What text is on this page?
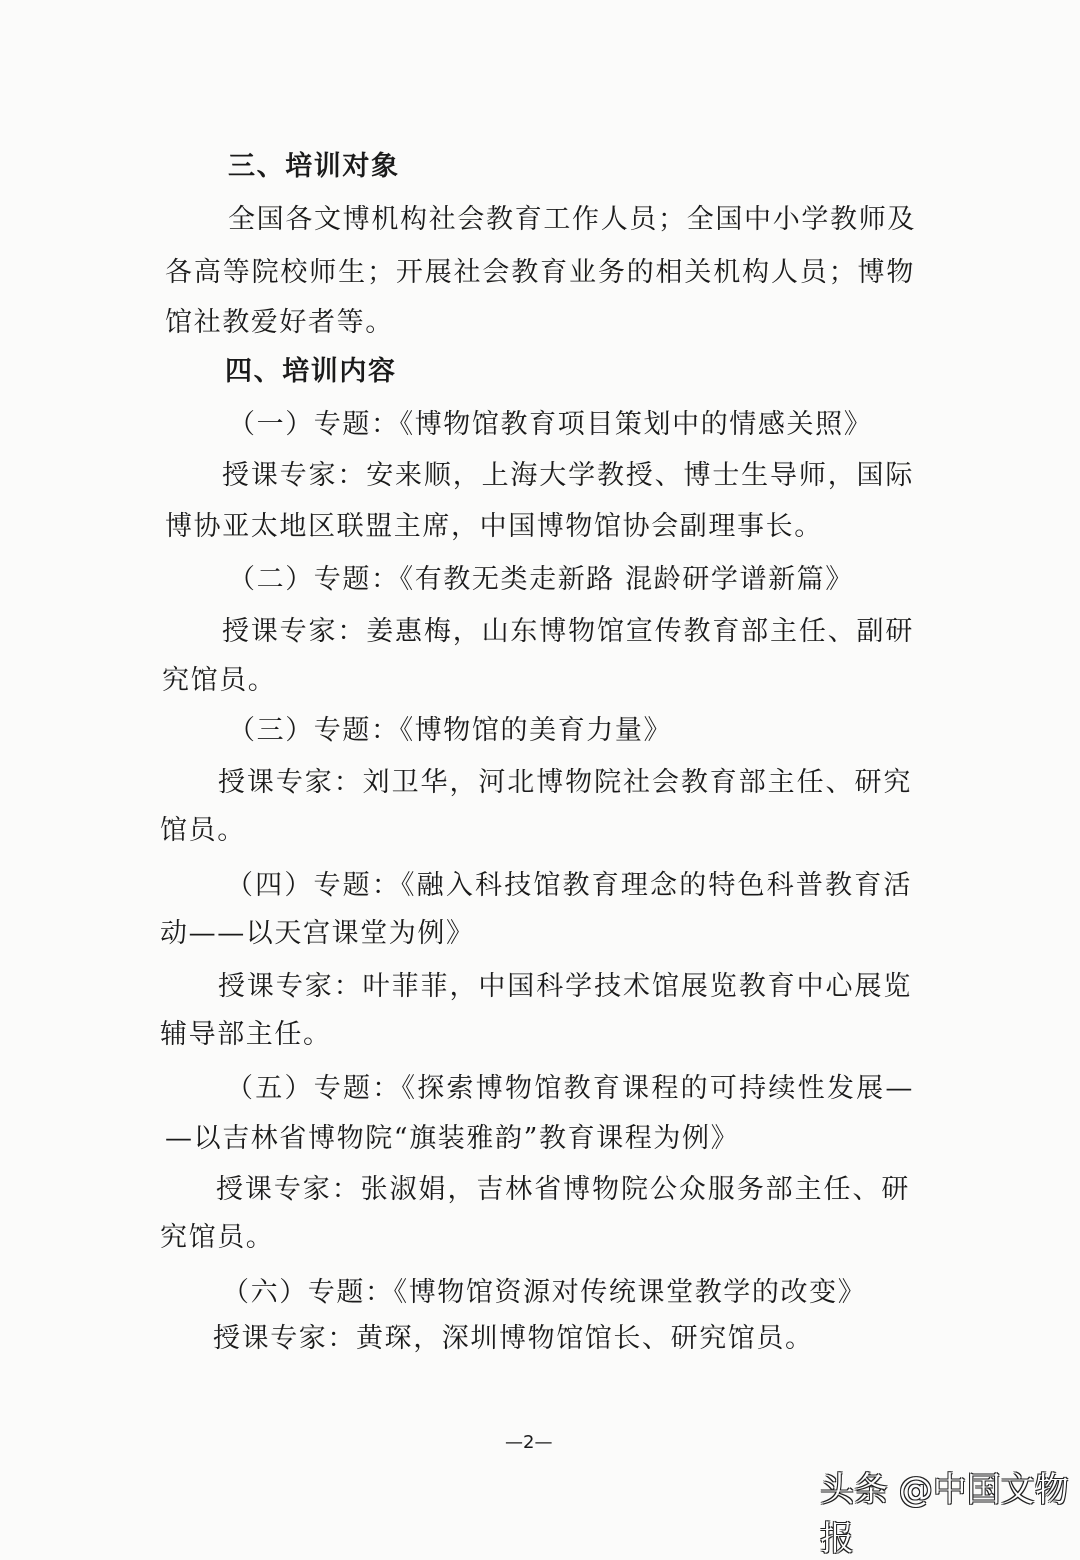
三、培训对象
全国各文博机构社会教育工作人员；全国中小学教师及
各高等院校师生；开展社会教育业务的相关机构人员；博物
馆社教爱好者等。
四、培训内容
（一）专题：《博物馆教育项目策划中的情感关照》
授课专家：安来顺，上海大学教授、博士生导师，国际
博协亚太地区联盟主席，中国博物馆协会副理事长。
（二）专题：《有教无类走新路 混龄研学谱新篇》
授课专家：姜惠梅，山东博物馆宣传教育部主任、副研
究馆员。
（三）专题：《博物馆的美育力量》
授课专家：刘卫华，河北博物院社会教育部主任、研究
馆员。
（四）专题：《融入科技馆教育理念的特色科普教育活
动——以天宫课堂为例》
授课专家：叶菲菲，中国科学技术馆展览教育中心展览
辅导部主任。
（五）专题：《探索博物馆教育课程的可持续性发展—
—以吉林省博物院“旗装雅韵”教育课程为例》
授课专家：张淑娟，吉林省博物院公众服务部主任、研
究馆员。
（六）专题：《博物馆资源对传统课堂教学的改变》
授课专家：黄琛，深圳博物馆馆长、研究馆员。
—2—
头条 @中国文物报
